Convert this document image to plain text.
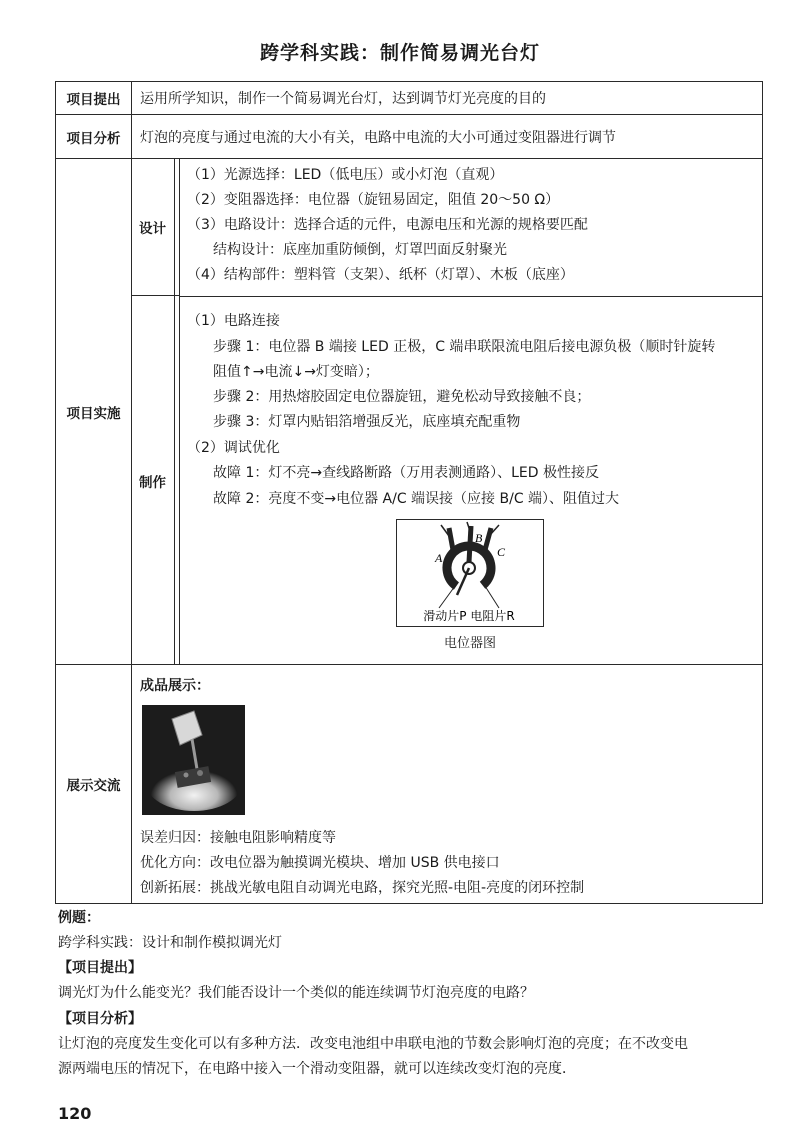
跨学科实践：制作简易调光台灯
项目提出	运用所学知识，制作一个简易调光台灯，达到调节灯光亮度的目的
项目分析	灯泡的亮度与通过电流的大小有关，电路中电流的大小可通过变阻器进行调节
项目实施
设计
（1）光源选择：LED（低电压）或小灯泡（直观）
（2）变阻器选择：电位器（旋钮易固定，阻值 20～50 Ω）
（3）电路设计：选择合适的元件，电源电压和光源的规格要匹配
结构设计：底座加重防倾倒，灯罩凹面反射聚光
（4）结构部件：塑料管（支架）、纸杯（灯罩）、木板（底座）
制作
（1）电路连接
步骤 1：电位器 B 端接 LED 正极，C 端串联限流电阻后接电源负极（顺时针旋转
阻值↑→电流↓→灯变暗）；
步骤 2：用热熔胶固定电位器旋钮，避免松动导致接触不良；
步骤 3：灯罩内贴铝箔增强反光，底座填充配重物
（2）调试优化
故障 1：灯不亮→查线路断路（万用表测通路）、LED 极性接反
故障 2：亮度不变→电位器 A/C 端误接（应接 B/C 端）、阻值过大
A
B
C
滑动片P 电阻片R
电位器图
展示交流
成品展示：
误差归因：接触电阻影响精度等
优化方向：改电位器为触摸调光模块、增加 USB 供电接口
创新拓展：挑战光敏电阻自动调光电路，探究光照-电阻-亮度的闭环控制
例题：
跨学科实践：设计和制作模拟调光灯
【项目提出】
调光灯为什么能变光？我们能否设计一个类似的能连续调节灯泡亮度的电路？
【项目分析】
让灯泡的亮度发生变化可以有多种方法．改变电池组中串联电池的节数会影响灯泡的亮度；在不改变电
源两端电压的情况下，在电路中接入一个滑动变阻器，就可以连续改变灯泡的亮度．
120
